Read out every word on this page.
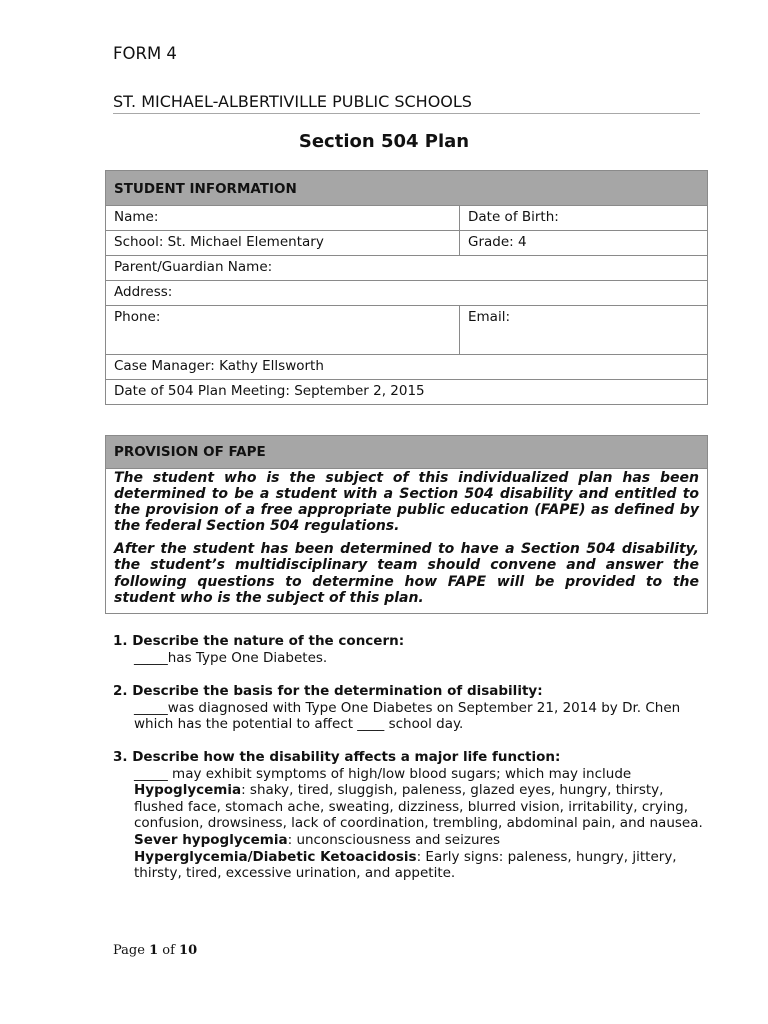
FORM 4
ST. MICHAEL-ALBERTIVILLE PUBLIC SCHOOLS
Section 504 Plan
STUDENT INFORMATION	
Name:	Date of Birth:
School: St. Michael Elementary	Grade: 4
Parent/Guardian Name:	
Address:	
Phone:	Email:
Case Manager: Kathy Ellsworth	
Date of 504 Plan Meeting: September 2, 2015	
PROVISION OF FAPE

The student who is the subject of this individualized plan has been determined to be a student with a Section 504 disability and entitled to the provision of a free appropriate public education (FAPE) as defined by the federal Section 504 regulations.

After the student has been determined to have a Section 504 disability, the student’s multidisciplinary team should convene and answer the following questions to determine how FAPE will be provided to the student who is the subject of this plan.

1. Describe the nature of the concern:
_____has Type One Diabetes.
2. Describe the basis for the determination of disability:
_____was diagnosed with Type One Diabetes on September 21, 2014 by Dr. Chen
which has the potential to affect ____ school day.
3. Describe how the disability affects a major life function:
_____ may exhibit symptoms of high/low blood sugars; which may include
Hypoglycemia: shaky, tired, sluggish, paleness, glazed eyes, hungry, thirsty, flushed face, stomach ache, sweating, dizziness, blurred vision, irritability, crying, confusion, drowsiness, lack of coordination, trembling, abdominal pain, and nausea.
Sever hypoglycemia: unconsciousness and seizures
Hyperglycemia/Diabetic Ketoacidosis: Early signs: paleness, hungry, jittery, thirsty, tired, excessive urination, and appetite.
Page 1 of 10
